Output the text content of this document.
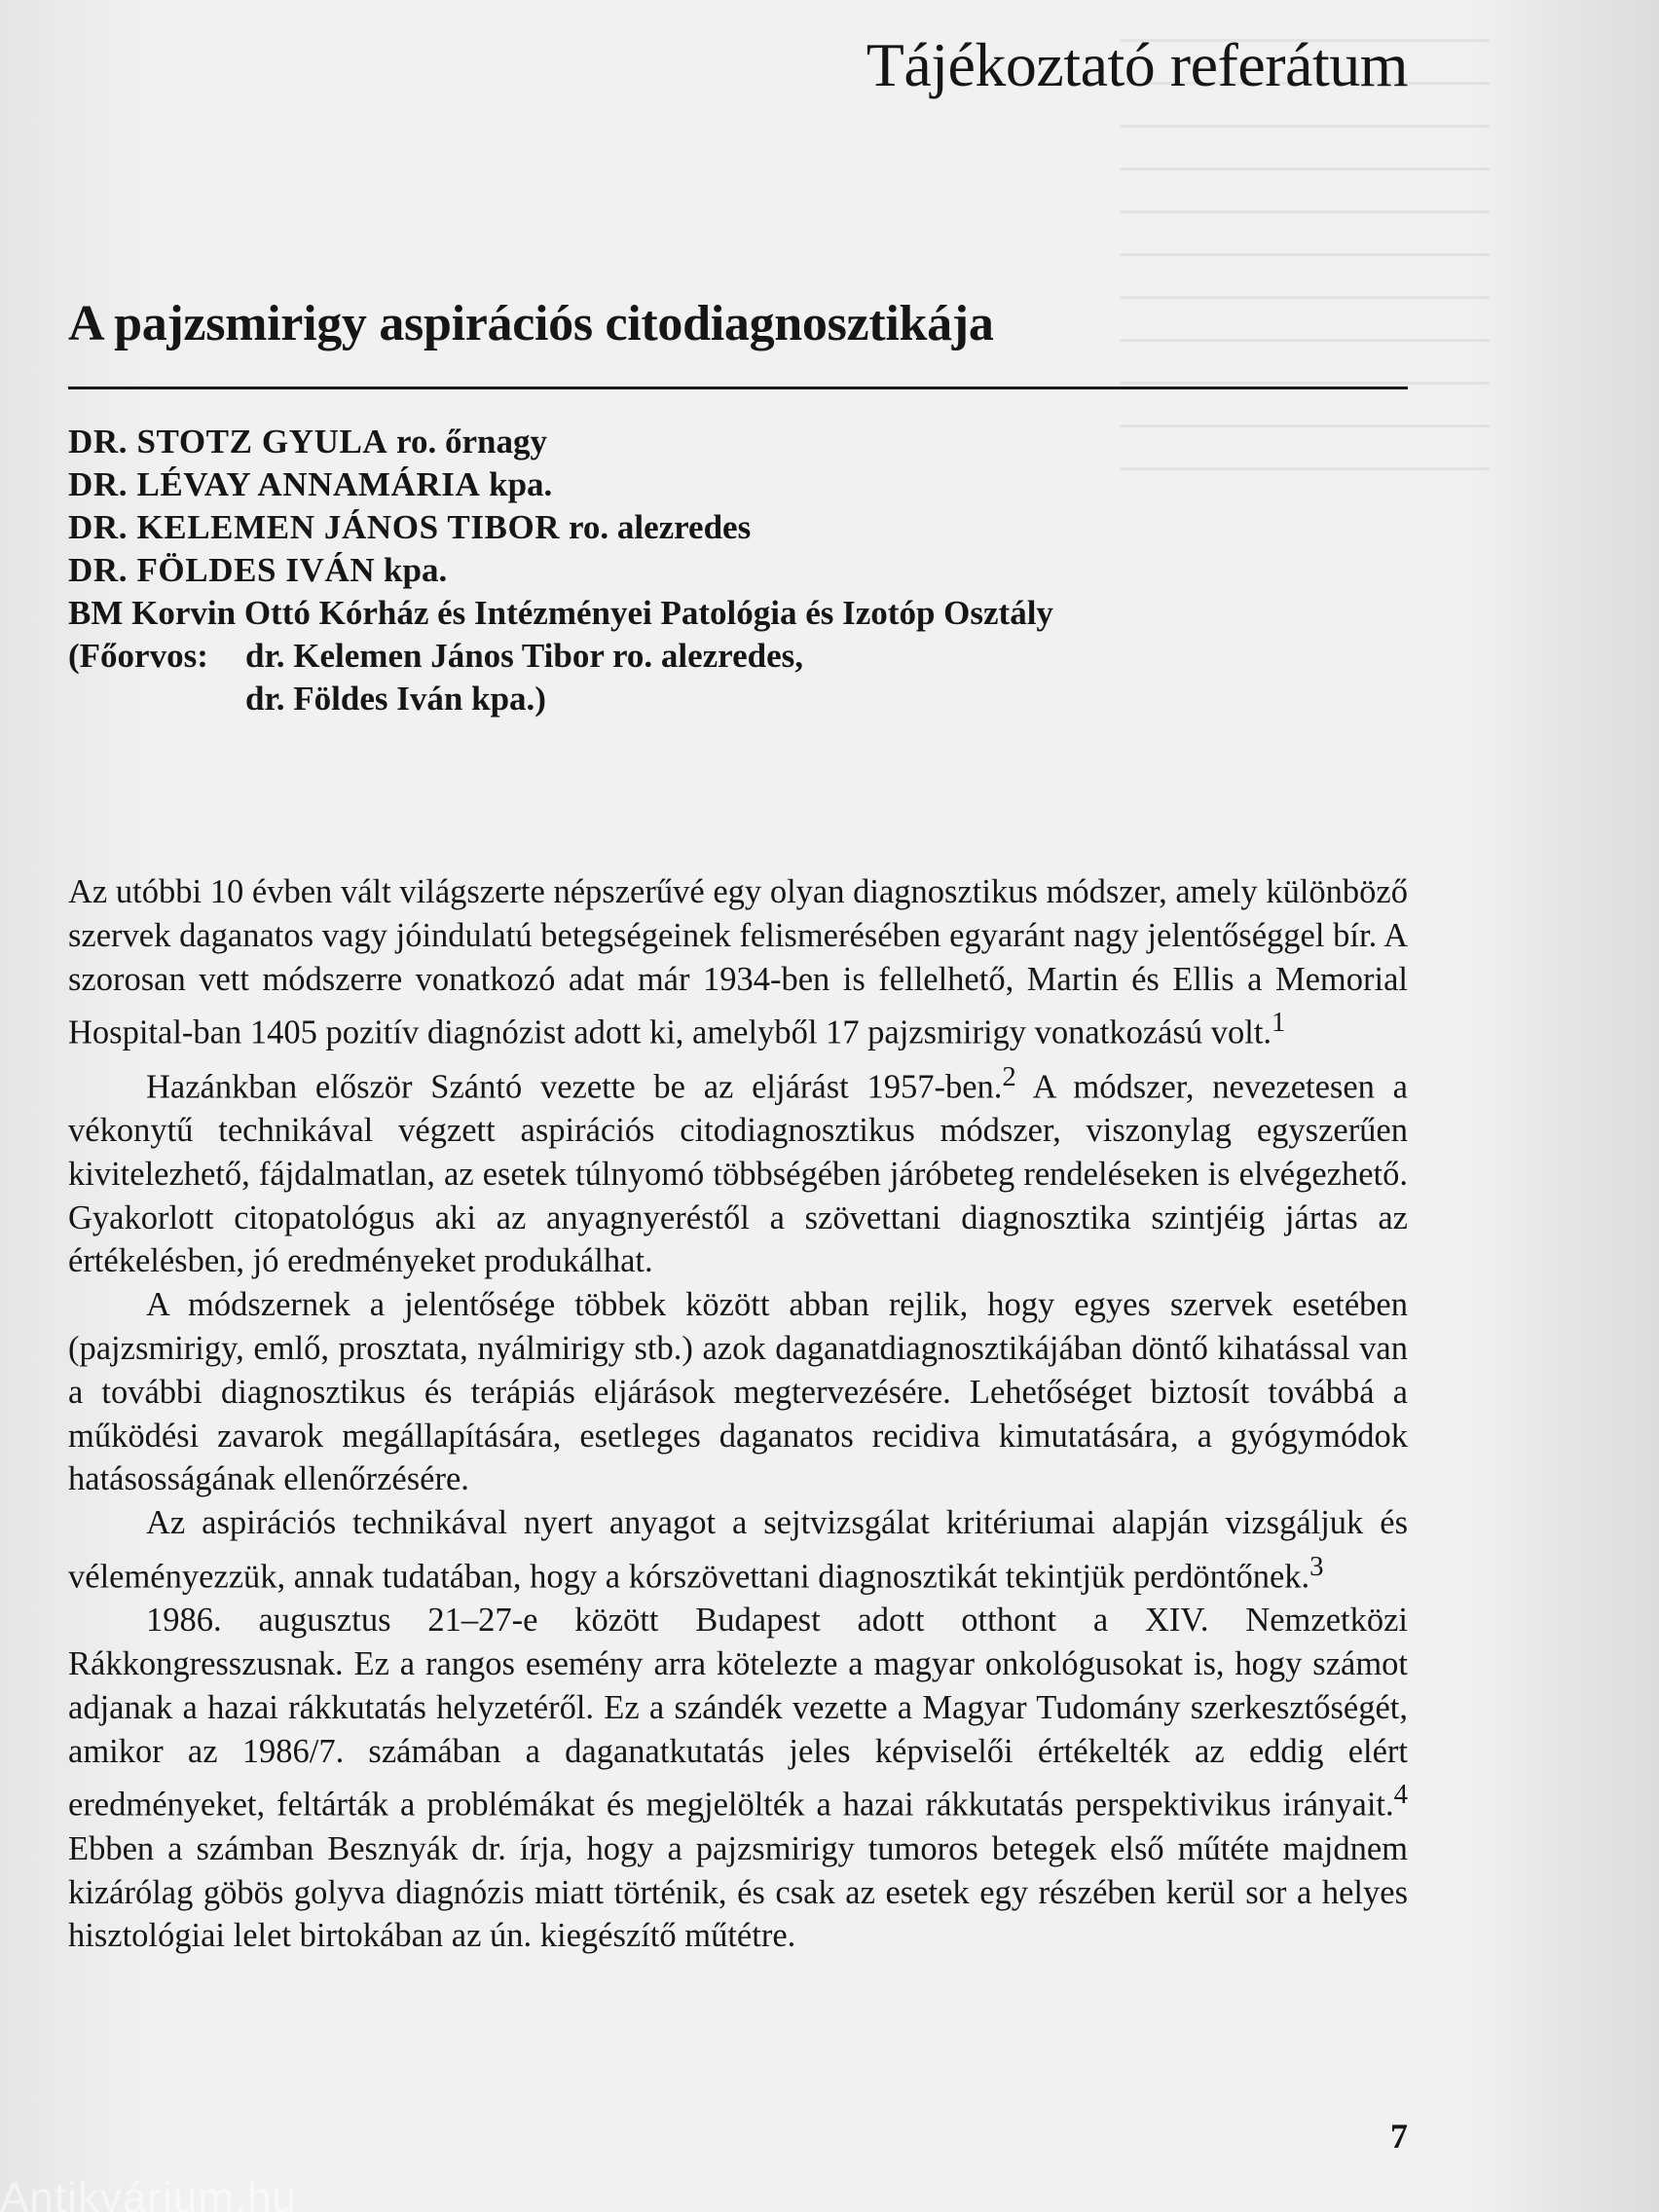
Tájékoztató referátum
A pajzsmirigy aspirációs citodiagnosztikája
DR. STOTZ GYULA ro. őrnagy
DR. LÉVAY ANNAMÁRIA kpa.
DR. KELEMEN JÁNOS TIBOR ro. alezredes
DR. FÖLDES IVÁN kpa.
BM Korvin Ottó Kórház és Intézményei Patológia és Izotóp Osztály
(Főorvos: dr. Kelemen János Tibor ro. alezredes,
dr. Földes Iván kpa.)

Az utóbbi 10 évben vált világszerte népszerűvé egy olyan diagnosztikus módszer, amely különböző szervek daganatos vagy jóindulatú betegségeinek felismerésében egyaránt nagy jelentőséggel bír. A szorosan vett módszerre vonatkozó adat már 1934-ben is fellelhető, Martin és Ellis a Memorial Hospital-ban 1405 pozitív diagnózist adott ki, amelyből 17 pajzsmirigy vonatkozású volt.$^1$

Hazánkban először Szántó vezette be az eljárást 1957-ben.$^2$ A módszer, nevezetesen a vékonytű technikával végzett aspirációs citodiagnosztikus módszer, viszonylag egyszerűen kivitelezhető, fájdalmatlan, az esetek túlnyomó többségében járóbeteg rendeléseken is elvégezhető. Gyakorlott citopatológus aki az anyagnyeréstől a szövettani diagnosztika szintjéig jártas az értékelésben, jó eredményeket produkálhat.

A módszernek a jelentősége többek között abban rejlik, hogy egyes szervek esetében (pajzsmirigy, emlő, prosztata, nyálmirigy stb.) azok daganatdiagnosztikájában döntő kihatással van a további diagnosztikus és terápiás eljárások megtervezésére. Lehetőséget biztosít továbbá a működési zavarok megállapítására, esetleges daganatos recidiva kimutatására, a gyógymódok hatásosságának ellenőrzésére.

Az aspirációs technikával nyert anyagot a sejtvizsgálat kritériumai alapján vizsgáljuk és véleményezzük, annak tudatában, hogy a kórszövettani diagnosztikát tekintjük perdöntőnek.$^3$

1986. augusztus 21–27-e között Budapest adott otthont a XIV. Nemzetközi Rákkongresszusnak. Ez a rangos esemény arra kötelezte a magyar onkológusokat is, hogy számot adjanak a hazai rákkutatás helyzetéről. Ez a szándék vezette a Magyar Tudomány szerkesztőségét, amikor az 1986/7. számában a daganatkutatás jeles képviselői értékelték az eddig elért eredményeket, feltárták a problémákat és megjelölték a hazai rákkutatás perspektivikus irányait.$^4$ Ebben a számban Besznyák dr. írja, hogy a pajzsmirigy tumoros betegek első műtéte majdnem kizárólag göbös golyva diagnózis miatt történik, és csak az esetek egy részében kerül sor a helyes hisztológiai lelet birtokában az ún. kiegészítő műtétre.

7
Antikvárium.hu
